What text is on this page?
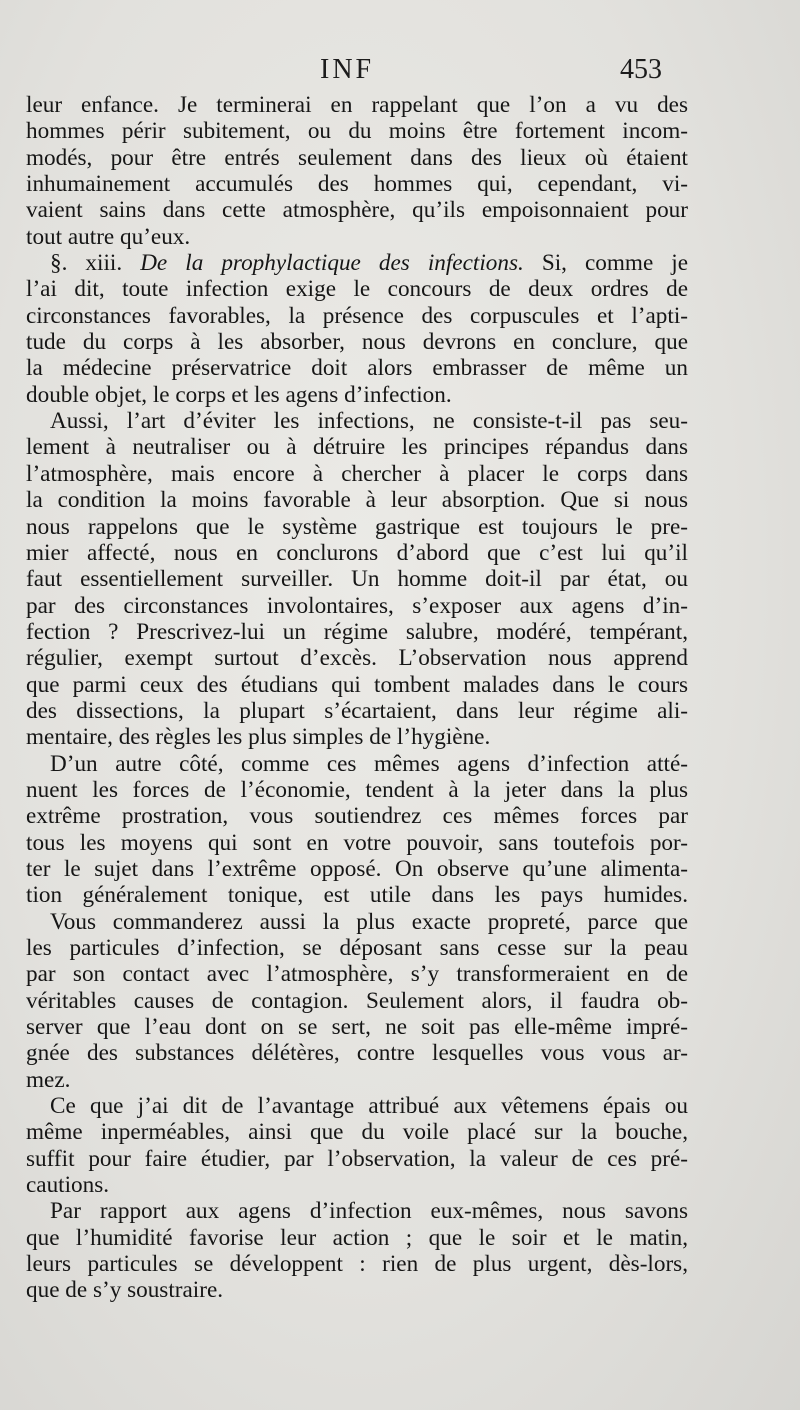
INF	453
leur enfance. Je terminerai en rappelant que l’on a vu des
hommes périr subitement, ou du moins être fortement incom-
modés, pour être entrés seulement dans des lieux où étaient
inhumainement accumulés des hommes qui, cependant, vi-
vaient sains dans cette atmosphère, qu’ils empoisonnaient pour
tout autre qu’eux.
§. xiii. De la prophylactique des infections. Si, comme je
l’ai dit, toute infection exige le concours de deux ordres de
circonstances favorables, la présence des corpuscules et l’apti-
tude du corps à les absorber, nous devrons en conclure, que
la médecine préservatrice doit alors embrasser de même un
double objet, le corps et les agens d’infection.
Aussi, l’art d’éviter les infections, ne consiste-t-il pas seu-
lement à neutraliser ou à détruire les principes répandus dans
l’atmosphère, mais encore à chercher à placer le corps dans
la condition la moins favorable à leur absorption. Que si nous
nous rappelons que le système gastrique est toujours le pre-
mier affecté, nous en conclurons d’abord que c’est lui qu’il
faut essentiellement surveiller. Un homme doit-il par état, ou
par des circonstances involontaires, s’exposer aux agens d’in-
fection ? Prescrivez-lui un régime salubre, modéré, tempérant,
régulier, exempt surtout d’excès. L’observation nous apprend
que parmi ceux des étudians qui tombent malades dans le cours
des dissections, la plupart s’écartaient, dans leur régime ali-
mentaire, des règles les plus simples de l’hygiène.
D’un autre côté, comme ces mêmes agens d’infection atté-
nuent les forces de l’économie, tendent à la jeter dans la plus
extrême prostration, vous soutiendrez ces mêmes forces par
tous les moyens qui sont en votre pouvoir, sans toutefois por-
ter le sujet dans l’extrême opposé. On observe qu’une alimenta-
tion généralement tonique, est utile dans les pays humides.
Vous commanderez aussi la plus exacte propreté, parce que
les particules d’infection, se déposant sans cesse sur la peau
par son contact avec l’atmosphère, s’y transformeraient en de
véritables causes de contagion. Seulement alors, il faudra ob-
server que l’eau dont on se sert, ne soit pas elle-même impré-
gnée des substances délétères, contre lesquelles vous vous ar-
mez.
Ce que j’ai dit de l’avantage attribué aux vêtemens épais ou
même inperméables, ainsi que du voile placé sur la bouche,
suffit pour faire étudier, par l’observation, la valeur de ces pré-
cautions.
Par rapport aux agens d’infection eux-mêmes, nous savons
que l’humidité favorise leur action ; que le soir et le matin,
leurs particules se développent : rien de plus urgent, dès-lors,
que de s’y soustraire.
